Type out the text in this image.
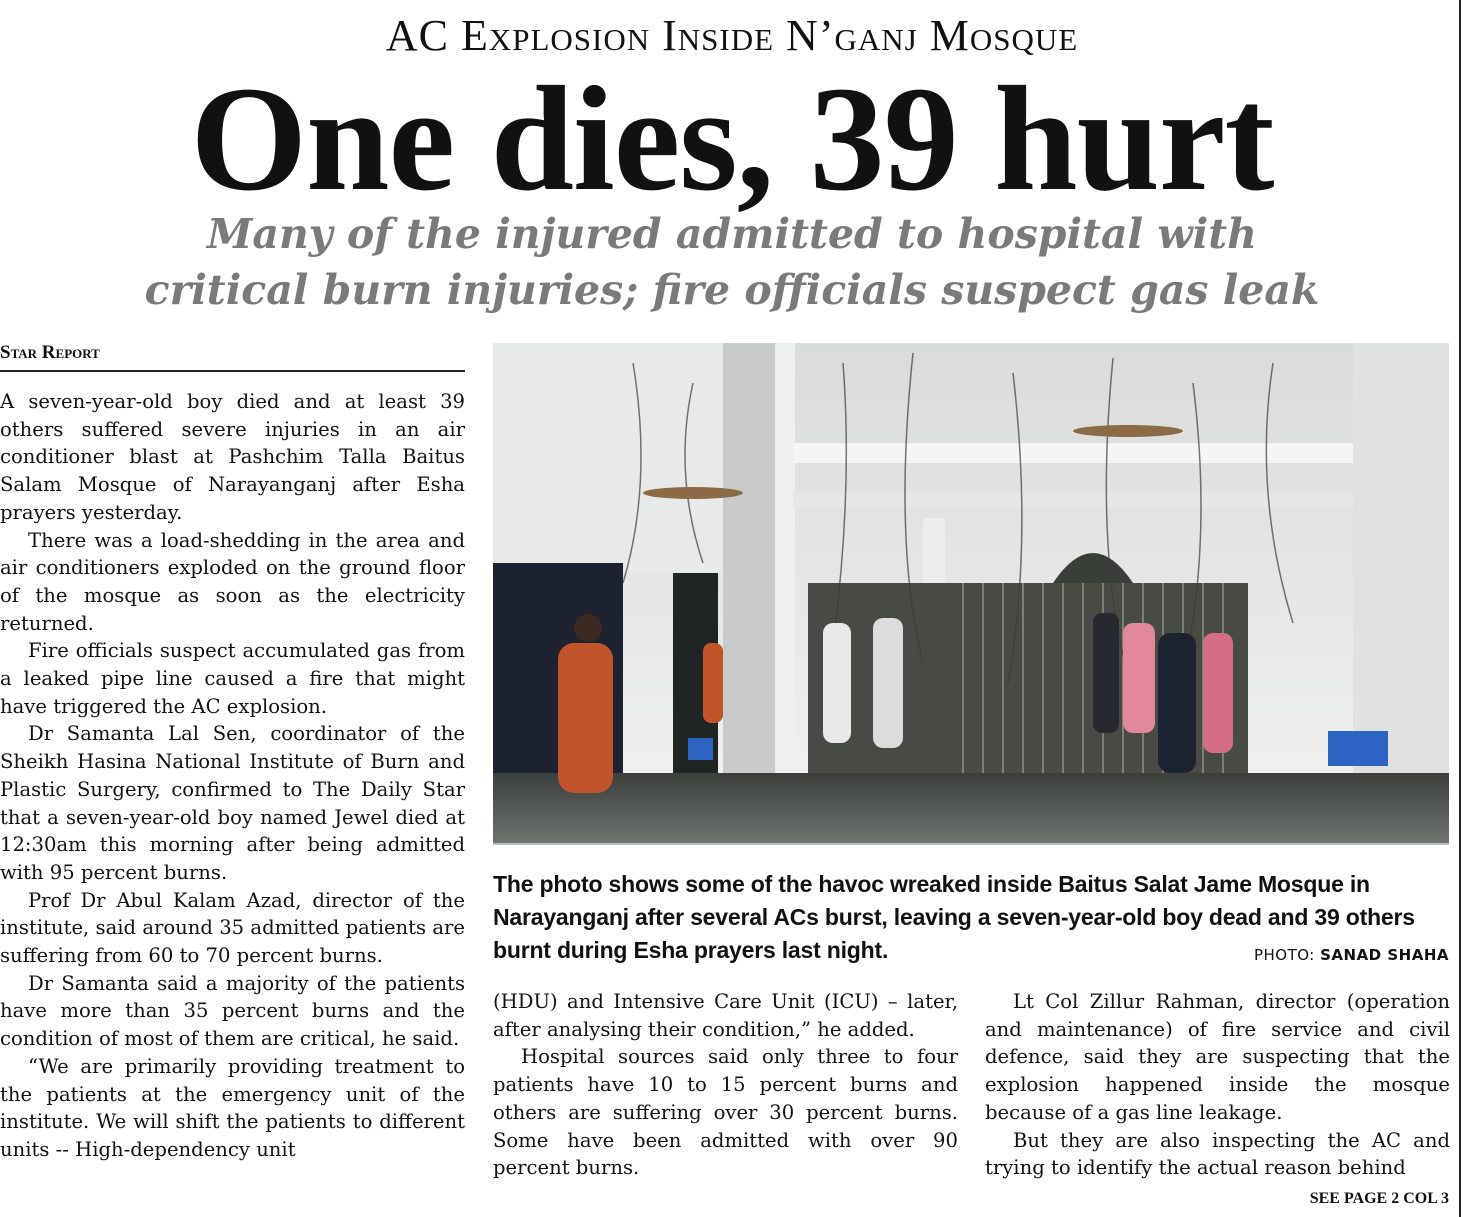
AC Explosion Inside N’ganj Mosque
One dies, 39 hurt
Many of the injured admitted to hospital with critical burn injuries; fire officials suspect gas leak
Star Report

A seven-year-old boy died and at least 39 others suffered severe injuries in an air conditioner blast at Pashchim Talla Baitus Salam Mosque of Narayanganj after Esha prayers yesterday.

There was a load-shedding in the area and air conditioners exploded on the ground floor of the mosque as soon as the electricity returned.

Fire officials suspect accumulated gas from a leaked pipe line caused a fire that might have triggered the AC explosion.

Dr Samanta Lal Sen, coordinator of the Sheikh Hasina National Institute of Burn and Plastic Surgery, confirmed to The Daily Star that a seven-year-old boy named Jewel died at 12:30am this morning after being admitted with 95 percent burns.

Prof Dr Abul Kalam Azad, director of the institute, said around 35 admitted patients are suffering from 60 to 70 percent burns.

Dr Samanta said a majority of the patients have more than 35 percent burns and the condition of most of them are critical, he said.

“We are primarily providing treatment to the patients at the emergency unit of the institute. We will shift the patients to different units -- High-dependency unit

The photo shows some of the havoc wreaked inside Baitus Salat Jame Mosque in Narayanganj after several ACs burst, leaving a seven-year-old boy dead and 39 others burnt during Esha prayers last night.	PHOTO: SANAD SHAHA

(HDU) and Intensive Care Unit (ICU) – later, after analysing their condition,” he added.

Hospital sources said only three to four patients have 10 to 15 percent burns and others are suffering over 30 percent burns. Some have been admitted with over 90 percent burns.

Lt Col Zillur Rahman, director (operation and maintenance) of fire service and civil defence, said they are suspecting that the explosion happened inside the mosque because of a gas line leakage.

But they are also inspecting the AC and trying to identify the actual reason behind

SEE PAGE 2 COL 3
